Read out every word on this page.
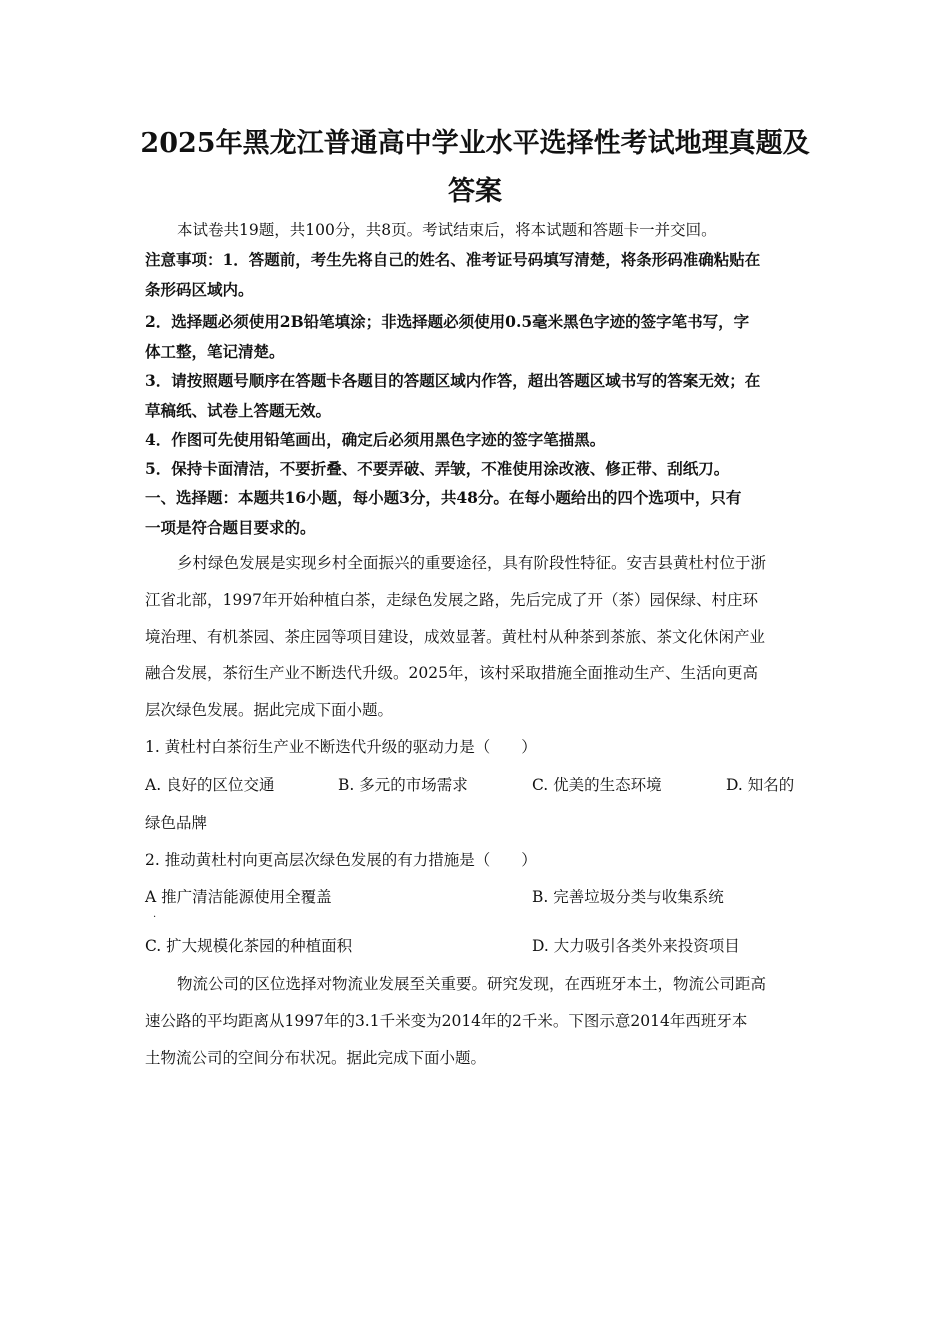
2025年黑龙江普通高中学业水平选择性考试地理真题及答案
本试卷共19题，共100分，共8页。考试结束后，将本试题和答题卡一并交回。
注意事项：1．答题前，考生先将自己的姓名、准考证号码填写清楚，将条形码准确粘贴在
条形码区域内。
2．选择题必须使用2B铅笔填涂；非选择题必须使用0.5毫米黑色字迹的签字笔书写，字
体工整，笔记清楚。
3．请按照题号顺序在答题卡各题目的答题区域内作答，超出答题区域书写的答案无效；在
草稿纸、试卷上答题无效。
4．作图可先使用铅笔画出，确定后必须用黑色字迹的签字笔描黑。
5．保持卡面清洁，不要折叠、不要弄破、弄皱，不准使用涂改液、修正带、刮纸刀。
一、选择题：本题共16小题，每小题3分，共48分。在每小题给出的四个选项中，只有
一项是符合题目要求的。
乡村绿色发展是实现乡村全面振兴的重要途径，具有阶段性特征。安吉县黄杜村位于浙
江省北部，1997年开始种植白茶，走绿色发展之路，先后完成了开（茶）园保绿、村庄环
境治理、有机茶园、茶庄园等项目建设，成效显著。黄杜村从种茶到茶旅、茶文化休闲产业
融合发展，茶衍生产业不断迭代升级。2025年，该村采取措施全面推动生产、生活向更高
层次绿色发展。据此完成下面小题。
1. 黄杜村白茶衍生产业不断迭代升级的驱动力是（　　）
A. 良好的区位交通	B. 多元的市场需求	C. 优美的生态环境	D. 知名的
绿色品牌
2. 推动黄杜村向更高层次绿色发展的有力措施是（　　）
A 推广清洁能源使用全覆盖
.
B. 完善垃圾分类与收集系统
C. 扩大规模化茶园的种植面积	D. 大力吸引各类外来投资项目
物流公司的区位选择对物流业发展至关重要。研究发现，在西班牙本土，物流公司距高
速公路的平均距离从1997年的3.1千米变为2014年的2千米。下图示意2014年西班牙本
土物流公司的空间分布状况。据此完成下面小题。
